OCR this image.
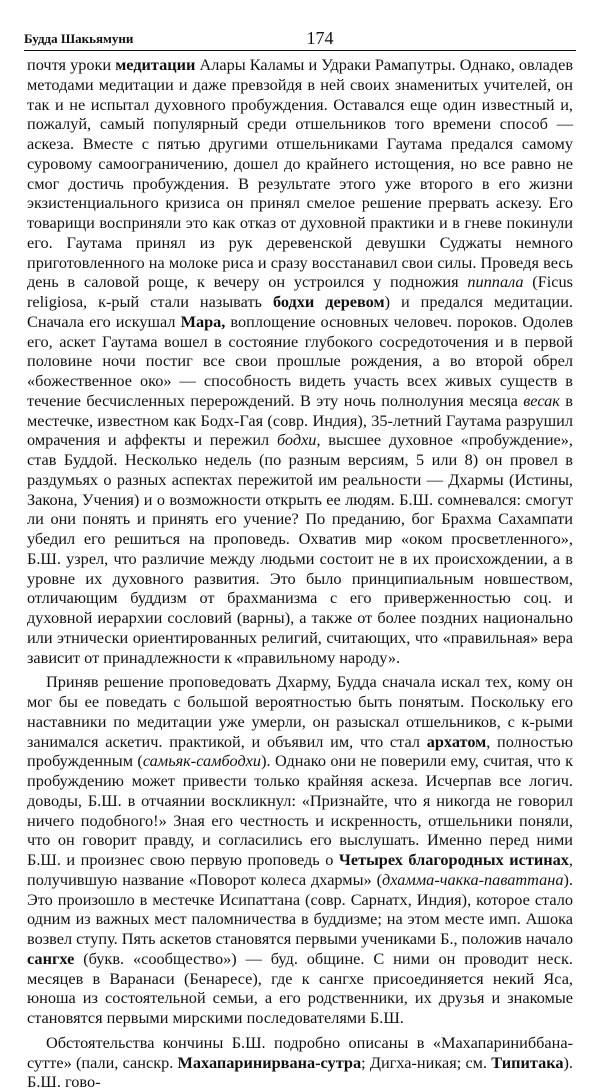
Будда Шакьямуни	174

почтя уроки медитации Алары Каламы и Удраки Рамапутры. Однако, овладев методами медитации и даже превзойдя в ней своих знаменитых учителей, он так и не испытал духовного пробуждения. Оставался еще один известный и, пожалуй, самый популярный среди отшельников того времени способ — аскеза. Вместе с пятью другими отшельниками Гаутама предался самому суровому самоограничению, дошел до крайнего истощения, но все равно не смог достичь пробуждения. В результате этого уже второго в его жизни экзистенциального кризиса он принял смелое решение прервать аскезу. Его товарищи восприняли это как отказ от духовной практики и в гневе покинули его. Гаутама принял из рук деревенской девушки Суджаты немного приготовленного на молоке риса и сразу восстанавил свои силы. Проведя весь день в саловой роще, к вечеру он устроился у подножия пиппала (Ficus religiosa, к-рый стали называть бодхи деревом) и предался медитации. Сначала его искушал Мара, воплощение основных человеч. пороков. Одолев его, аскет Гаутама вошел в состояние глубокого сосредоточения и в первой половине ночи постиг все свои прошлые рождения, а во второй обрел «божественное око» — способность видеть участь всех живых существ в течение бесчисленных перерождений. В эту ночь полнолуния месяца весак в местечке, известном как Бодх-Гая (совр. Индия), 35-летний Гаутама разрушил омрачения и аффекты и пережил бодхи, высшее духовное «пробуждение», став Буддой. Несколько недель (по разным версиям, 5 или 8) он провел в раздумьях о разных аспектах пережитой им реальности — Дхармы (Истины, Закона, Учения) и о возможности открыть ее людям. Б.Ш. сомневался: смогут ли они понять и принять его учение? По преданию, бог Брахма Сахампати убедил его решиться на проповедь. Охватив мир «оком просветленного», Б.Ш. узрел, что различие между людьми состоит не в их происхождении, а в уровне их духовного развития. Это было принципиальным новшеством, отличающим буддизм от брахманизма с его приверженностью соц. и духовной иерархии сословий (варны), а также от более поздних национально или этнически ориентированных религий, считающих, что «правильная» вера зависит от принадлежности к «правильному народу».

Приняв решение проповедовать Дхарму, Будда сначала искал тех, кому он мог бы ее поведать с большой вероятностью быть понятым. Поскольку его наставники по медитации уже умерли, он разыскал отшельников, с к-рыми занимался аскетич. практикой, и объявил им, что стал архатом, полностью пробужденным (самьяк-самбодхи). Однако они не поверили ему, считая, что к пробуждению может привести только крайняя аскеза. Исчерпав все логич. доводы, Б.Ш. в отчаянии воскликнул: «Признайте, что я никогда не говорил ничего подобного!» Зная его честность и искренность, отшельники поняли, что он говорит правду, и согласились его выслушать. Именно перед ними Б.Ш. и произнес свою первую проповедь о Четырех благородных истинах, получившую название «Поворот колеса дхармы» (дхамма-чакка-паваттана). Это произошло в местечке Исипаттана (совр. Сарнатх, Индия), которое стало одним из важных мест паломничества в буддизме; на этом месте имп. Ашока возвел ступу. Пять аскетов становятся первыми учениками Б., положив начало сангхе (букв. «сообщество») — буд. общине. С ними он проводит неск. месяцев в Варанаси (Бенаресе), где к сангхе присоединяется некий Яса, юноша из состоятельной семьи, а его родственники, их друзья и знакомые становятся первыми мирскими последователями Б.Ш.

Обстоятельства кончины Б.Ш. подробно описаны в «Махапариниббана-сутте» (пали, санскр. Махапаринирвана-сутра; Дигха-никая; см. Типитака). Б.Ш. гово-
